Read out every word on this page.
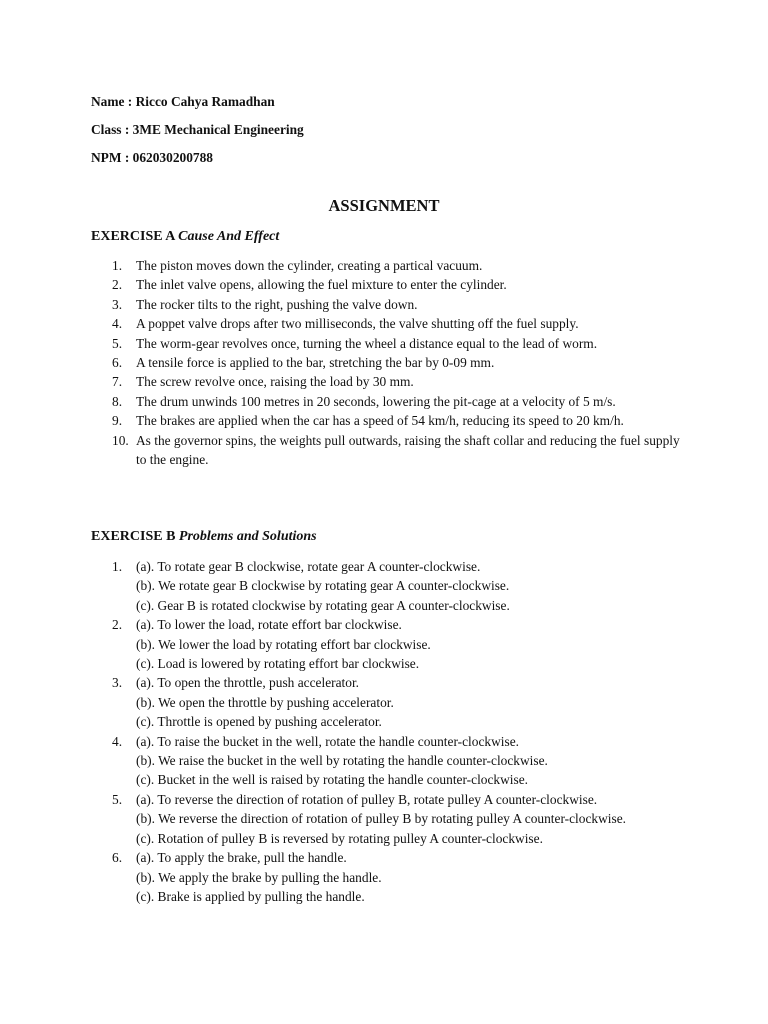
Name : Ricco Cahya Ramadhan
Class : 3ME Mechanical Engineering
NPM : 062030200788
ASSIGNMENT
EXERCISE A Cause And Effect
1. The piston moves down the cylinder, creating a partical vacuum.
2. The inlet valve opens, allowing the fuel mixture to enter the cylinder.
3. The rocker tilts to the right, pushing the valve down.
4. A poppet valve drops after two milliseconds, the valve shutting off the fuel supply.
5. The worm-gear revolves once, turning the wheel a distance equal to the lead of worm.
6. A tensile force is applied to the bar, stretching the bar by 0-09 mm.
7. The screw revolve once, raising the load by 30 mm.
8. The drum unwinds 100 metres in 20 seconds, lowering the pit-cage at a velocity of 5 m/s.
9. The brakes are applied when the car has a speed of 54 km/h, reducing its speed to 20 km/h.
10. As the governor spins, the weights pull outwards, raising the shaft collar and reducing the fuel supply to the engine.
EXERCISE B Problems and Solutions
1. (a). To rotate gear B clockwise, rotate gear A counter-clockwise.
(b). We rotate gear B clockwise by rotating gear A counter-clockwise.
(c). Gear B is rotated clockwise by rotating gear A counter-clockwise.
2. (a). To lower the load, rotate effort bar clockwise.
(b). We lower the load by rotating effort bar clockwise.
(c). Load is lowered by rotating effort bar clockwise.
3. (a). To open the throttle, push accelerator.
(b). We open the throttle by pushing accelerator.
(c). Throttle is opened by pushing accelerator.
4. (a). To raise the bucket in the well, rotate the handle counter-clockwise.
(b). We raise the bucket in the well by rotating the handle counter-clockwise.
(c). Bucket in the well is raised by rotating the handle counter-clockwise.
5. (a). To reverse the direction of rotation of pulley B, rotate pulley A counter-clockwise.
(b). We reverse the direction of rotation of pulley B by rotating pulley A counter-clockwise.
(c). Rotation of pulley B is reversed by rotating pulley A counter-clockwise.
6. (a). To apply the brake, pull the handle.
(b). We apply the brake by pulling the handle.
(c). Brake is applied by pulling the handle.
